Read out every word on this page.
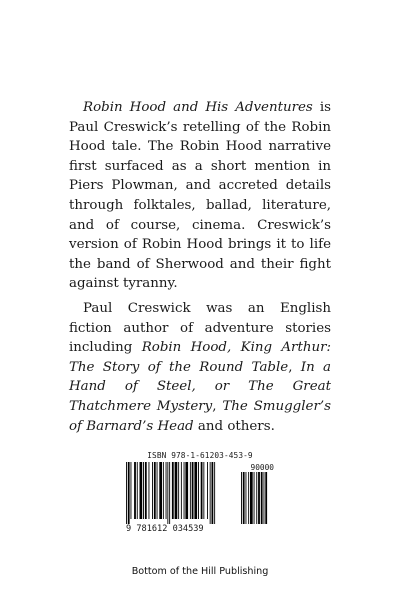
Robin Hood and His Adventures is Paul Creswick’s retelling of the Robin Hood tale. The Robin Hood narrative first surfaced as a short mention in Piers Plowman, and accreted details through folktales, ballad, literature, and of course, cinema. Creswick’s version of Robin Hood brings it to life the band of Sherwood and their fight against tyranny.

Paul Creswick was an English fiction author of adventure stories including Robin Hood, King Arthur: The Story of the Round Table, In a Hand of Steel, or The Great Thatchmere Mystery, The Smuggler’s of Barnard’s Head and others.

ISBN 978-1-61203-453-9
90000
9 781612 034539
Bottom of the Hill Publishing
